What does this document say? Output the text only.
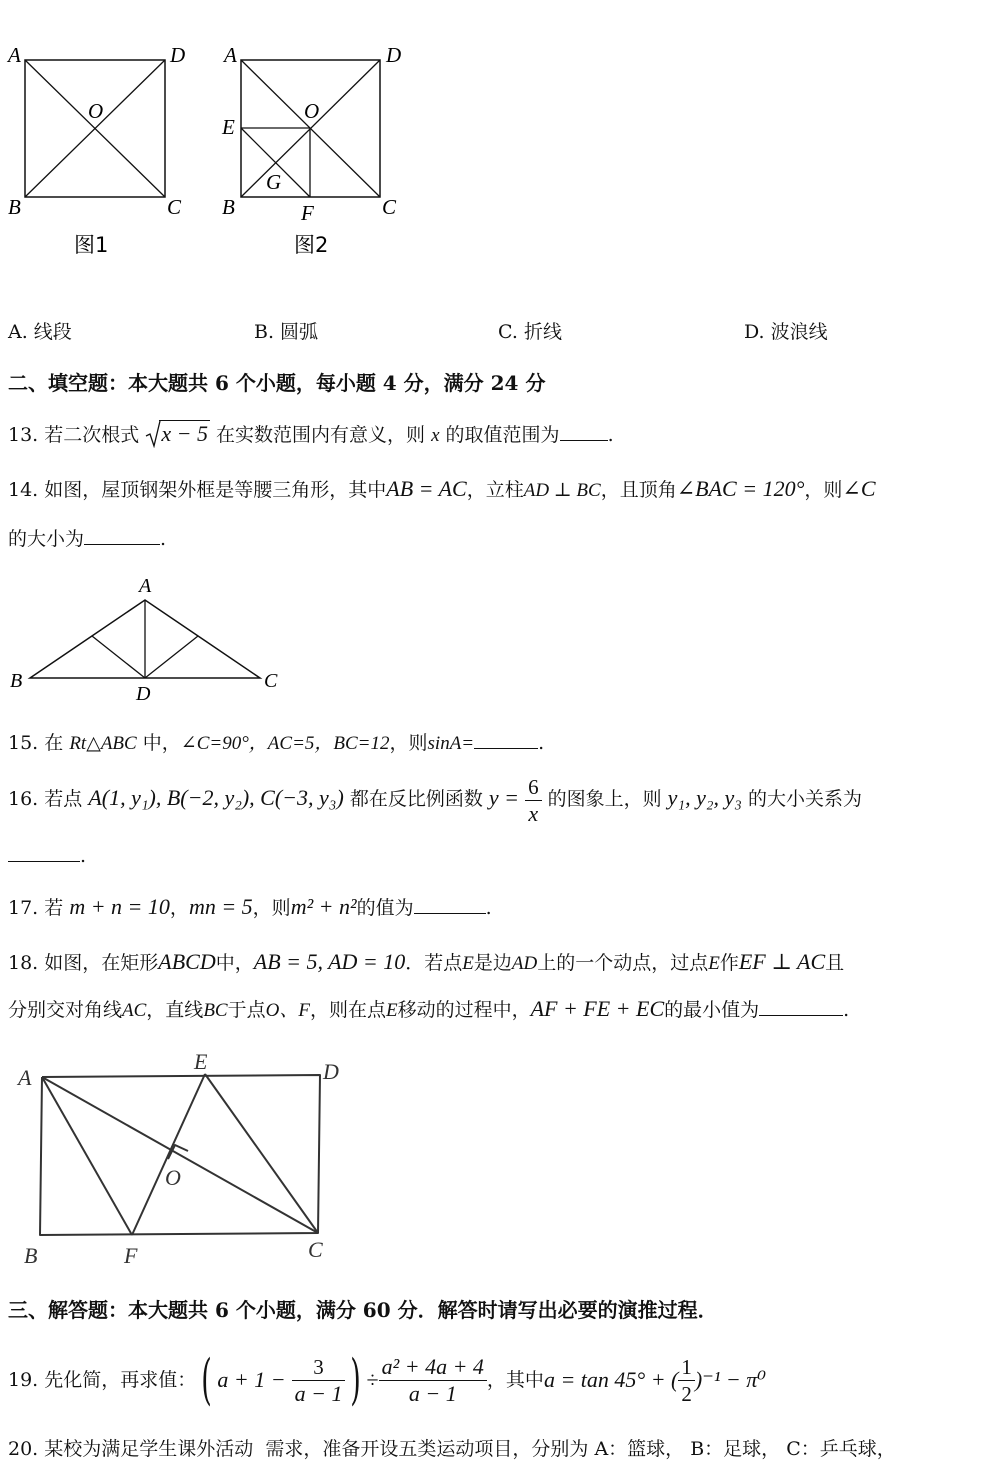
A	D
O
B	C
图1
A	D
O
E
G
B	F	C
图2
A. 线段	B. 圆弧	C. 折线	D. 波浪线
二、填空题：本大题共 6 个小题，每小题 4 分，满分 24 分
13. 若二次根式 x − 5 在实数范围内有意义，则 x 的取值范围为	.
14. 如图，屋顶钢架外框是等腰三角形，其中AB = AC，立柱AD ⊥ BC，且顶角∠BAC = 120°，则∠C
的大小为	.
A
B
D
C
15. 在 Rt△ABC 中，∠C=90°，AC=5，BC=12，则sinA=	.
16. 若点 A(1, y₁), B(−2, y₂), C(−3, y₃) 都在反比例函数 $y = \frac{6}{x}$ 的图象上，则 y₁, y₂, y₃ 的大小关系为
.
17. 若 m + n = 10，mn = 5，则m² + n²的值为	.
18. 如图，在矩形ABCD中，AB = 5, AD = 10．若点E是边AD上的一个动点，过点E作EF ⊥ AC且
分别交对角线AC，直线BC于点O、F，则在点E移动的过程中，AF + FE + EC的最小值为	.
A
E	D
O
B	F	C
三、解答题：本大题共 6 个小题，满分 60 分．解答时请写出必要的演推过程．
19.
先化简，再求值： ( a + 1 −
$\frac{3}{a - 1}$ ) ÷ $\frac{\text{a² + 4a + 4}}{a - 1}$ ，其中 a = tan 45° + ( $\frac{1}{2} )^{-1} - \pi^0$
20. 某校为满足学生课外活动 需求，准备开设五类运动项目，分别为 A：篮球， B：足球， C：乒乓球，
